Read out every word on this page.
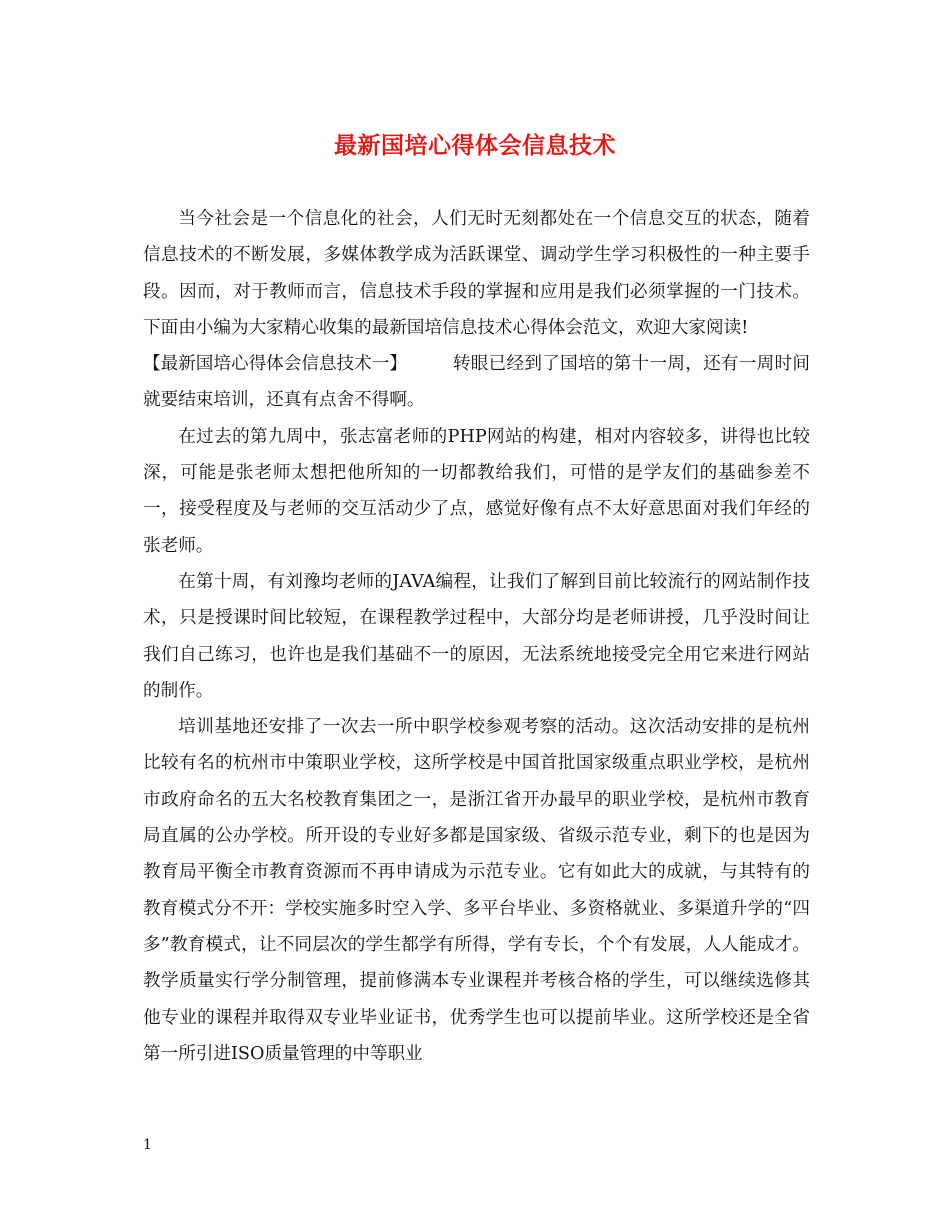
最新国培心得体会信息技术

当今社会是一个信息化的社会，人们无时无刻都处在一个信息交互的状态，随着信息技术的不断发展，多媒体教学成为活跃课堂、调动学生学习积极性的一种主要手段。因而，对于教师而言，信息技术手段的掌握和应用是我们必须掌握的一门技术。下面由小编为大家精心收集的最新国培信息技术心得体会范文，欢迎大家阅读!

【最新国培心得体会信息技术一】	转眼已经到了国培的第十一周，还有一周时间就要结束培训，还真有点舍不得啊。

在过去的第九周中，张志富老师的PHP网站的构建，相对内容较多，讲得也比较深，可能是张老师太想把他所知的一切都教给我们，可惜的是学友们的基础参差不一，接受程度及与老师的交互活动少了点，感觉好像有点不太好意思面对我们年经的张老师。

在第十周，有刘豫均老师的JAVA编程，让我们了解到目前比较流行的网站制作技术，只是授课时间比较短，在课程教学过程中，大部分均是老师讲授，几乎没时间让我们自己练习，也许也是我们基础不一的原因，无法系统地接受完全用它来进行网站的制作。

培训基地还安排了一次去一所中职学校参观考察的活动。这次活动安排的是杭州比较有名的杭州市中策职业学校，这所学校是中国首批国家级重点职业学校，是杭州市政府命名的五大名校教育集团之一，是浙江省开办最早的职业学校，是杭州市教育局直属的公办学校。所开设的专业好多都是国家级、省级示范专业，剩下的也是因为教育局平衡全市教育资源而不再申请成为示范专业。它有如此大的成就，与其特有的教育模式分不开：学校实施多时空入学、多平台毕业、多资格就业、多渠道升学的“四多”教育模式，让不同层次的学生都学有所得，学有专长，个个有发展，人人能成才。教学质量实行学分制管理，提前修满本专业课程并考核合格的学生，可以继续选修其他专业的课程并取得双专业毕业证书，优秀学生也可以提前毕业。这所学校还是全省第一所引进ISO质量管理的中等职业

1
